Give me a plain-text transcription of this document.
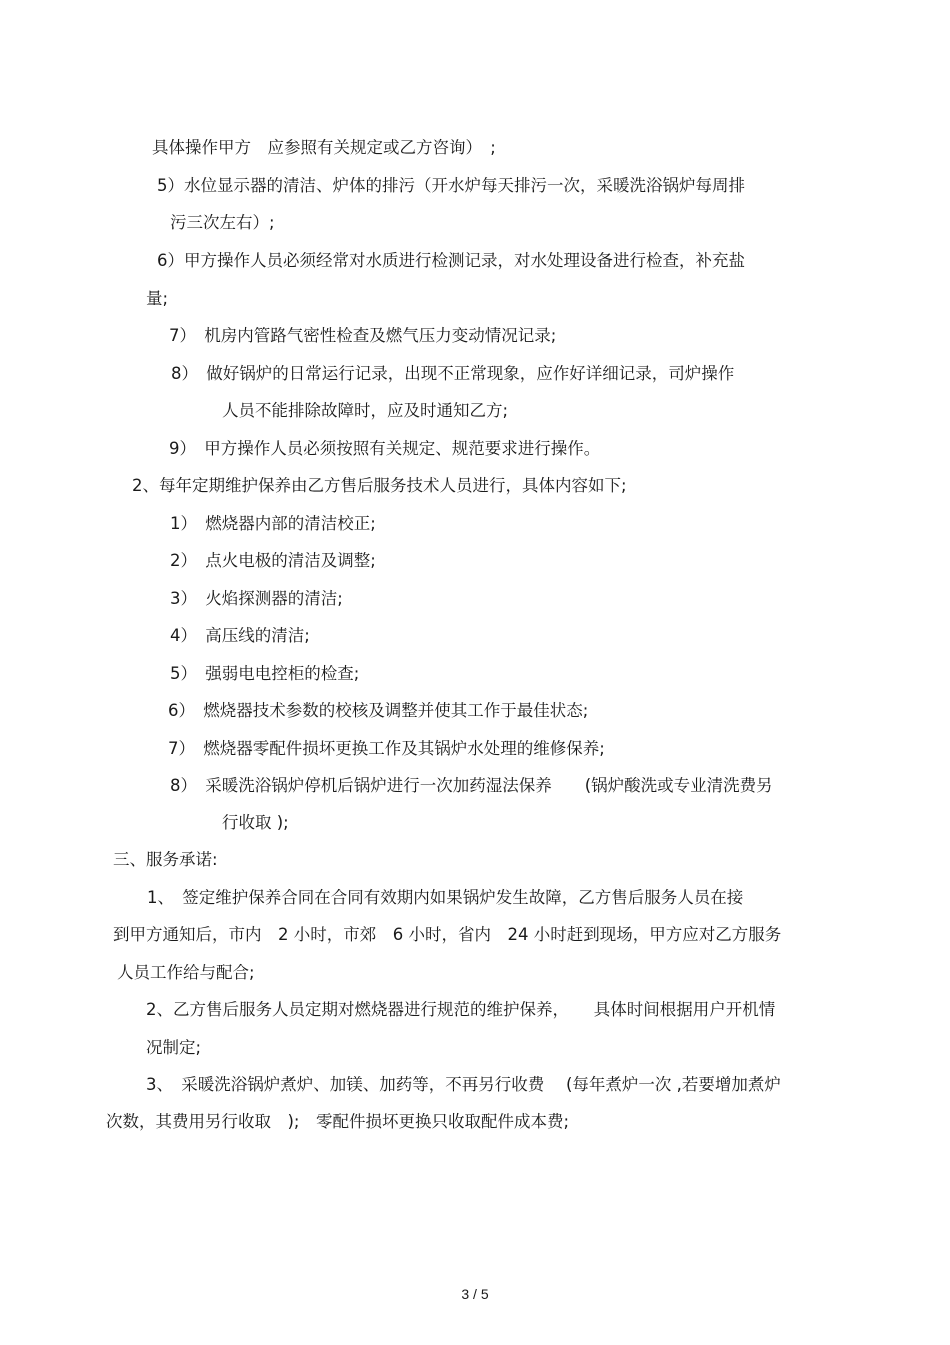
具体操作甲方　应参照有关规定或乙方咨询）　;
5）水位显示器的清洁、炉体的排污（开水炉每天排污一次，采暖洗浴锅炉每周排
污三次左右）;
6）甲方操作人员必须经常对水质进行检测记录，对水处理设备进行检查，补充盐
量;
7）　机房内管路气密性检查及燃气压力变动情况记录;
8）　做好锅炉的日常运行记录，出现不正常现象，应作好详细记录，司炉操作
人员不能排除故障时，应及时通知乙方;
9）　甲方操作人员必须按照有关规定、规范要求进行操作。
2、每年定期维护保养由乙方售后服务技术人员进行，具体内容如下;
1）　燃烧器内部的清洁校正;
2）　点火电极的清洁及调整;
3）　火焰探测器的清洁;
4）　高压线的清洁;
5）　强弱电电控柜的检查;
6）　燃烧器技术参数的校核及调整并使其工作于最佳状态;
7）　燃烧器零配件损坏更换工作及其锅炉水处理的维修保养;
8）　采暖洗浴锅炉停机后锅炉进行一次加药湿法保养　　(锅炉酸洗或专业清洗费另
行收取 );
三、服务承诺:
1、　签定维护保养合同在合同有效期内如果锅炉发生故障，乙方售后服务人员在接
到甲方通知后，市内　2 小时，市郊　6 小时，省内　24 小时赶到现场，甲方应对乙方服务
人员工作给与配合;
2、乙方售后服务人员定期对燃烧器进行规范的维护保养，　　具体时间根据用户开机情
况制定;
3、　采暖洗浴锅炉煮炉、加镁、加药等，不再另行收费　 (每年煮炉一次 ,若要增加煮炉
次数，其费用另行收取　);　零配件损坏更换只收取配件成本费;
3 / 5
